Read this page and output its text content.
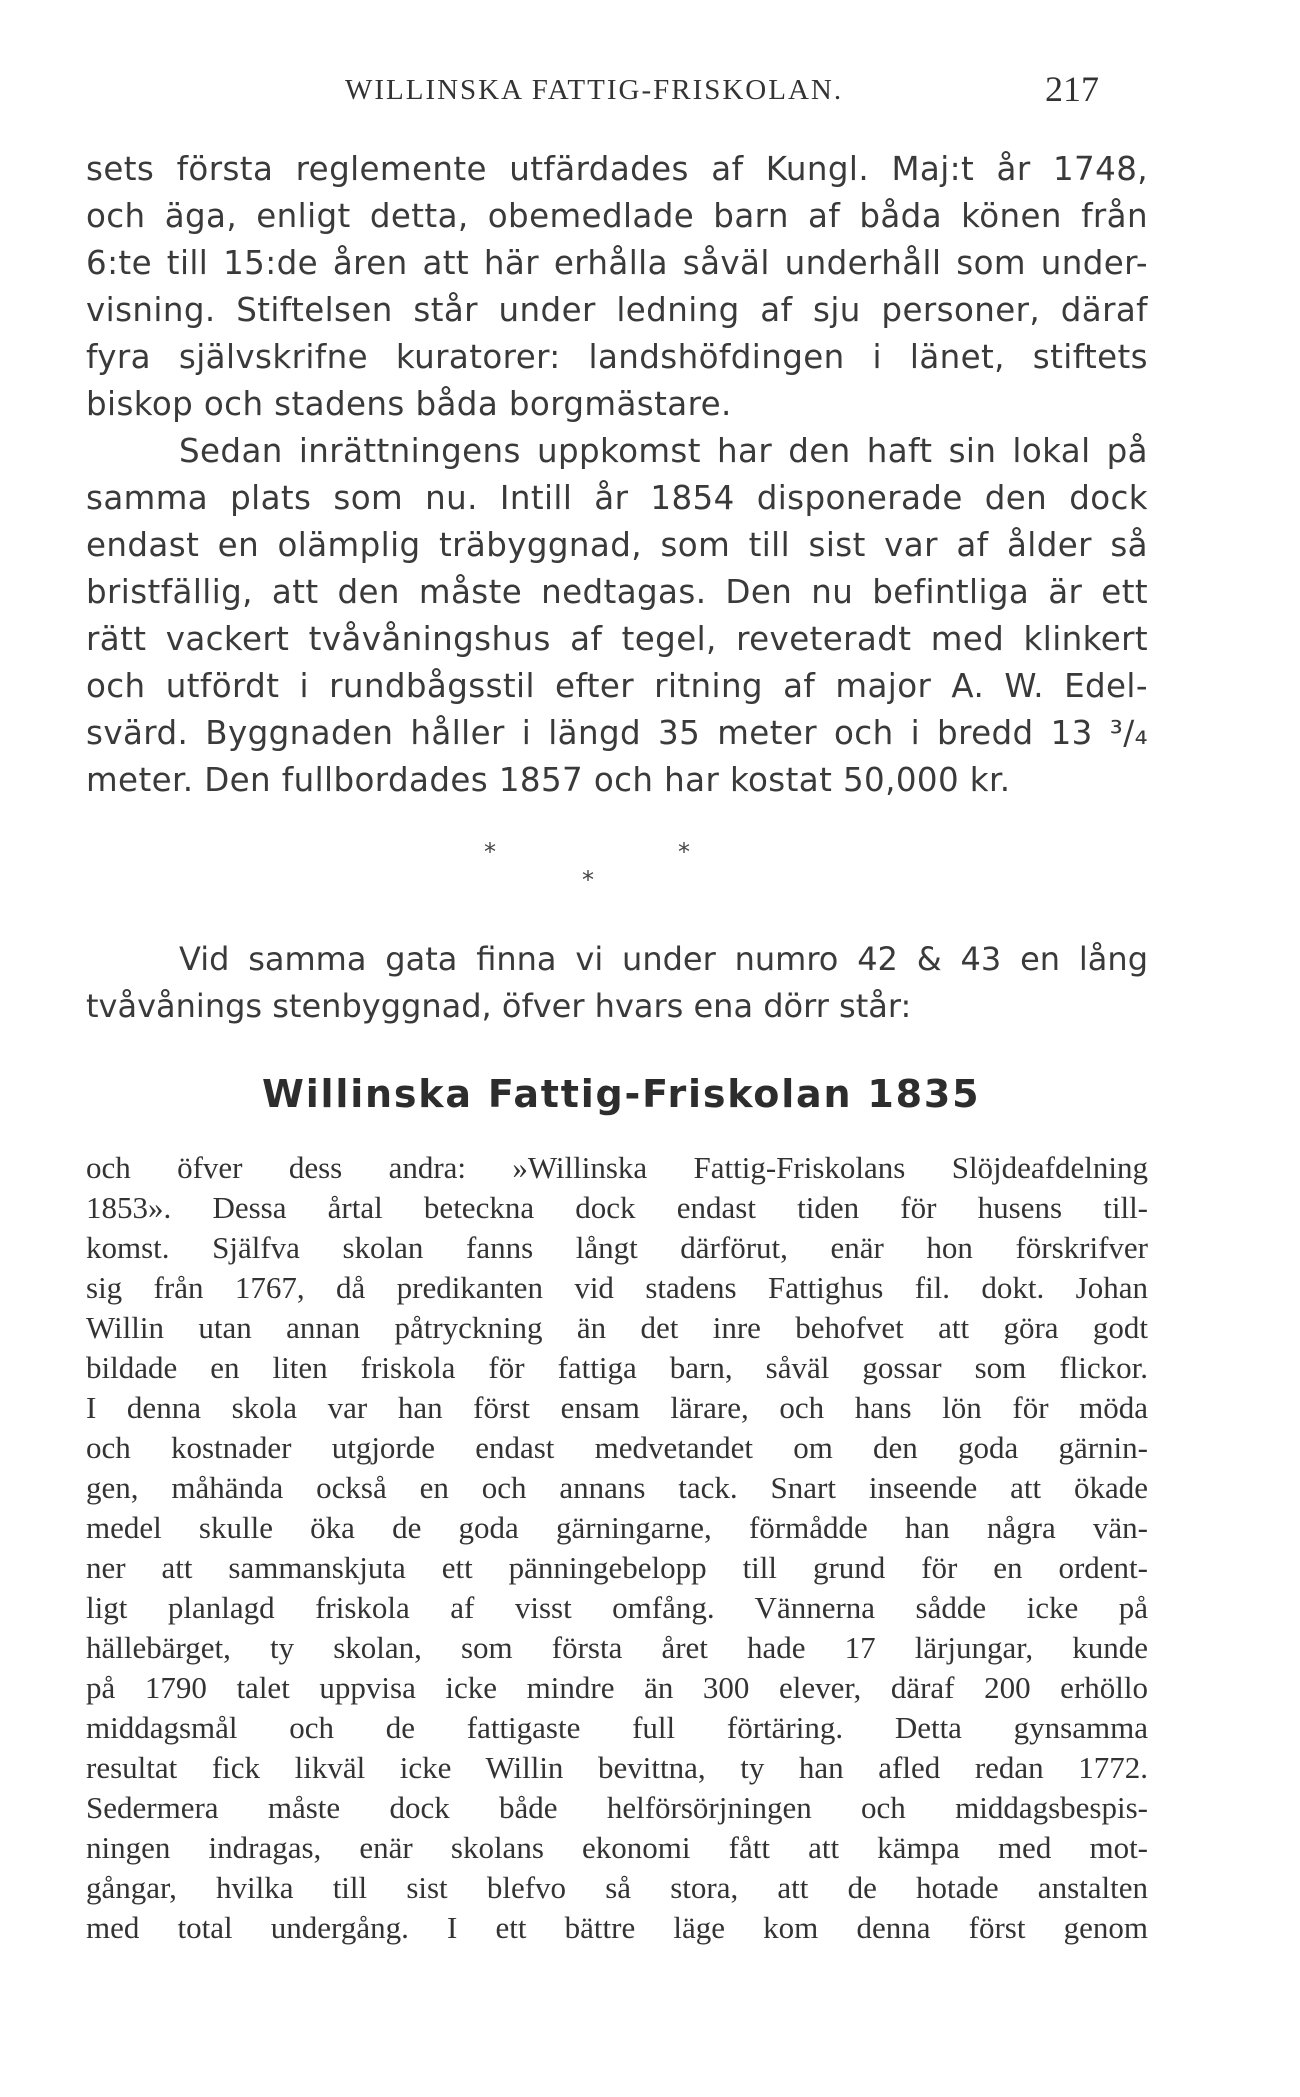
WILLINSKA FATTIG-FRISKOLAN.	217
sets första reglemente utfärdades af Kungl. Maj:t år 1748,
och äga, enligt detta, obemedlade barn af båda könen från
6:te till 15:de åren att här erhålla såväl underhåll som under-
visning. Stiftelsen står under ledning af sju personer, däraf
fyra självskrifne kuratorer: landshöfdingen i länet, stiftets
biskop och stadens båda borgmästare.
Sedan inrättningens uppkomst har den haft sin lokal på
samma plats som nu. Intill år 1854 disponerade den dock
endast en olämplig träbyggnad, som till sist var af ålder så
bristfällig, att den måste nedtagas. Den nu befintliga är ett
rätt vackert tvåvåningshus af tegel, reveteradt med klinkert
och utfördt i rundbågsstil efter ritning af major A. W. Edel-
svärd. Byggnaden håller i längd 35 meter och i bredd 13 ³/₄
meter. Den fullbordades 1857 och har kostat 50,000 kr.
*	*
*
Vid samma gata finna vi under numro 42 & 43 en lång
tvåvånings stenbyggnad, öfver hvars ena dörr står:
Willinska Fattig-Friskolan 1835
och öfver dess andra: »Willinska Fattig-Friskolans Slöjdeafdelning
1853». Dessa årtal beteckna dock endast tiden för husens till-
komst. Själfva skolan fanns långt därförut, enär hon förskrifver
sig från 1767, då predikanten vid stadens Fattighus fil. dokt. Johan
Willin utan annan påtryckning än det inre behofvet att göra godt
bildade en liten friskola för fattiga barn, såväl gossar som flickor.
I denna skola var han först ensam lärare, och hans lön för möda
och kostnader utgjorde endast medvetandet om den goda gärnin-
gen, måhända också en och annans tack. Snart inseende att ökade
medel skulle öka de goda gärningarne, förmådde han några vän-
ner att sammanskjuta ett pänningebelopp till grund för en ordent-
ligt planlagd friskola af visst omfång. Vännerna sådde icke på
hällebärget, ty skolan, som första året hade 17 lärjungar, kunde
på 1790 talet uppvisa icke mindre än 300 elever, däraf 200 erhöllo
middagsmål och de fattigaste full förtäring. Detta gynsamma
resultat fick likväl icke Willin bevittna, ty han afled redan 1772.
Sedermera måste dock både helförsörjningen och middagsbespis-
ningen indragas, enär skolans ekonomi fått att kämpa med mot-
gångar, hvilka till sist blefvo så stora, att de hotade anstalten
med total undergång. I ett bättre läge kom denna först genom
